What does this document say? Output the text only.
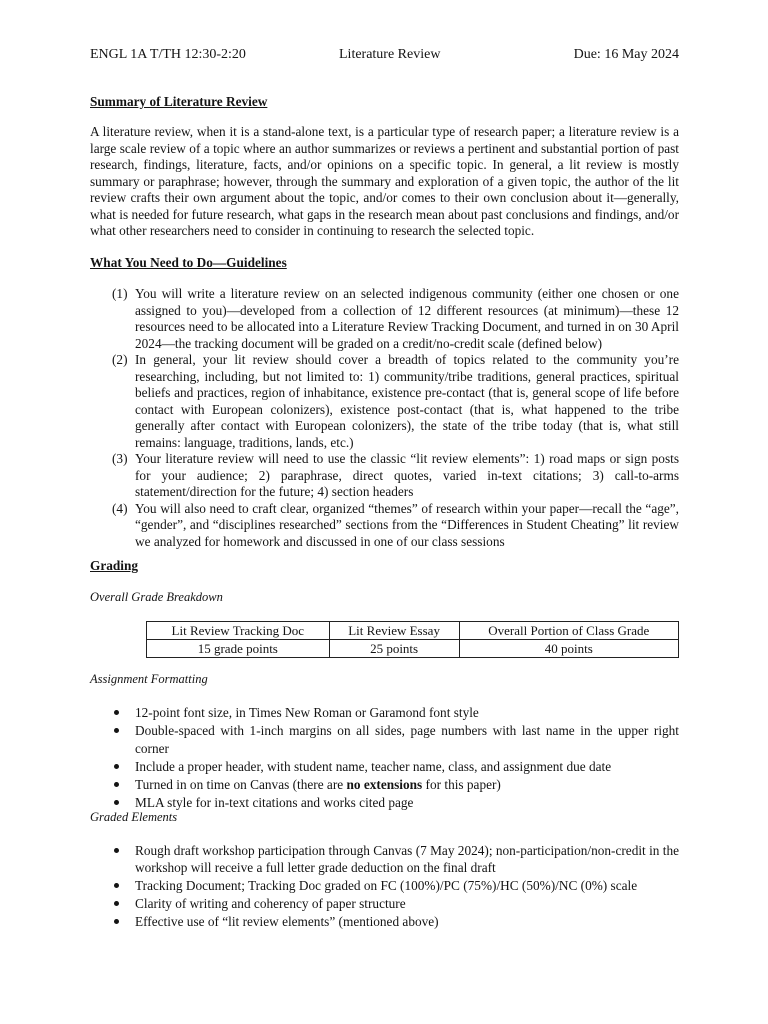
ENGL 1A T/TH 12:30-2:20	Literature Review	Due: 16 May 2024
Summary of Literature Review

A literature review, when it is a stand-alone text, is a particular type of research paper; a literature review is a large scale review of a topic where an author summarizes or reviews a pertinent and substantial portion of past research, findings, literature, facts, and/or opinions on a specific topic. In general, a lit review is mostly summary or paraphrase; however, through the summary and exploration of a given topic, the author of the lit review crafts their own argument about the topic, and/or comes to their own conclusion about it—generally, what is needed for future research, what gaps in the research mean about past conclusions and findings, and/or what other researchers need to consider in continuing to research the selected topic.

What You Need to Do—Guidelines
(1) You will write a literature review on an selected indigenous community (either one chosen or one assigned to you)—developed from a collection of 12 different resources (at minimum)—these 12 resources need to be allocated into a Literature Review Tracking Document, and turned in on 30 April 2024—the tracking document will be graded on a credit/no-credit scale (defined below)
(2) In general, your lit review should cover a breadth of topics related to the community you’re researching, including, but not limited to: 1) community/tribe traditions, general practices, spiritual beliefs and practices, region of inhabitance, existence pre-contact (that is, general scope of life before contact with European colonizers), existence post-contact (that is, what happened to the tribe generally after contact with European colonizers), the state of the tribe today (that is, what still remains: language, traditions, lands, etc.)
(3) Your literature review will need to use the classic “lit review elements”: 1) road maps or sign posts for your audience; 2) paraphrase, direct quotes, varied in-text citations; 3) call-to-arms statement/direction for the future; 4) section headers
(4) You will also need to craft clear, organized “themes” of research within your paper—recall the “age”, “gender”, and “disciplines researched” sections from the “Differences in Student Cheating” lit review we analyzed for homework and discussed in one of our class sessions
Grading
Overall Grade Breakdown
Lit Review Tracking Doc	Lit Review Essay	Overall Portion of Class Grade
15 grade points	25 points	40 points
Assignment Formatting
12-point font size, in Times New Roman or Garamond font style
Double-spaced with 1-inch margins on all sides, page numbers with last name in the upper right corner
Include a proper header, with student name, teacher name, class, and assignment due date
Turned in on time on Canvas (there are no extensions for this paper)
MLA style for in-text citations and works cited page
Graded Elements
Rough draft workshop participation through Canvas (7 May 2024); non-participation/non-credit in the workshop will receive a full letter grade deduction on the final draft
Tracking Document; Tracking Doc graded on FC (100%)/PC (75%)/HC (50%)/NC (0%) scale
Clarity of writing and coherency of paper structure
Effective use of “lit review elements” (mentioned above)
